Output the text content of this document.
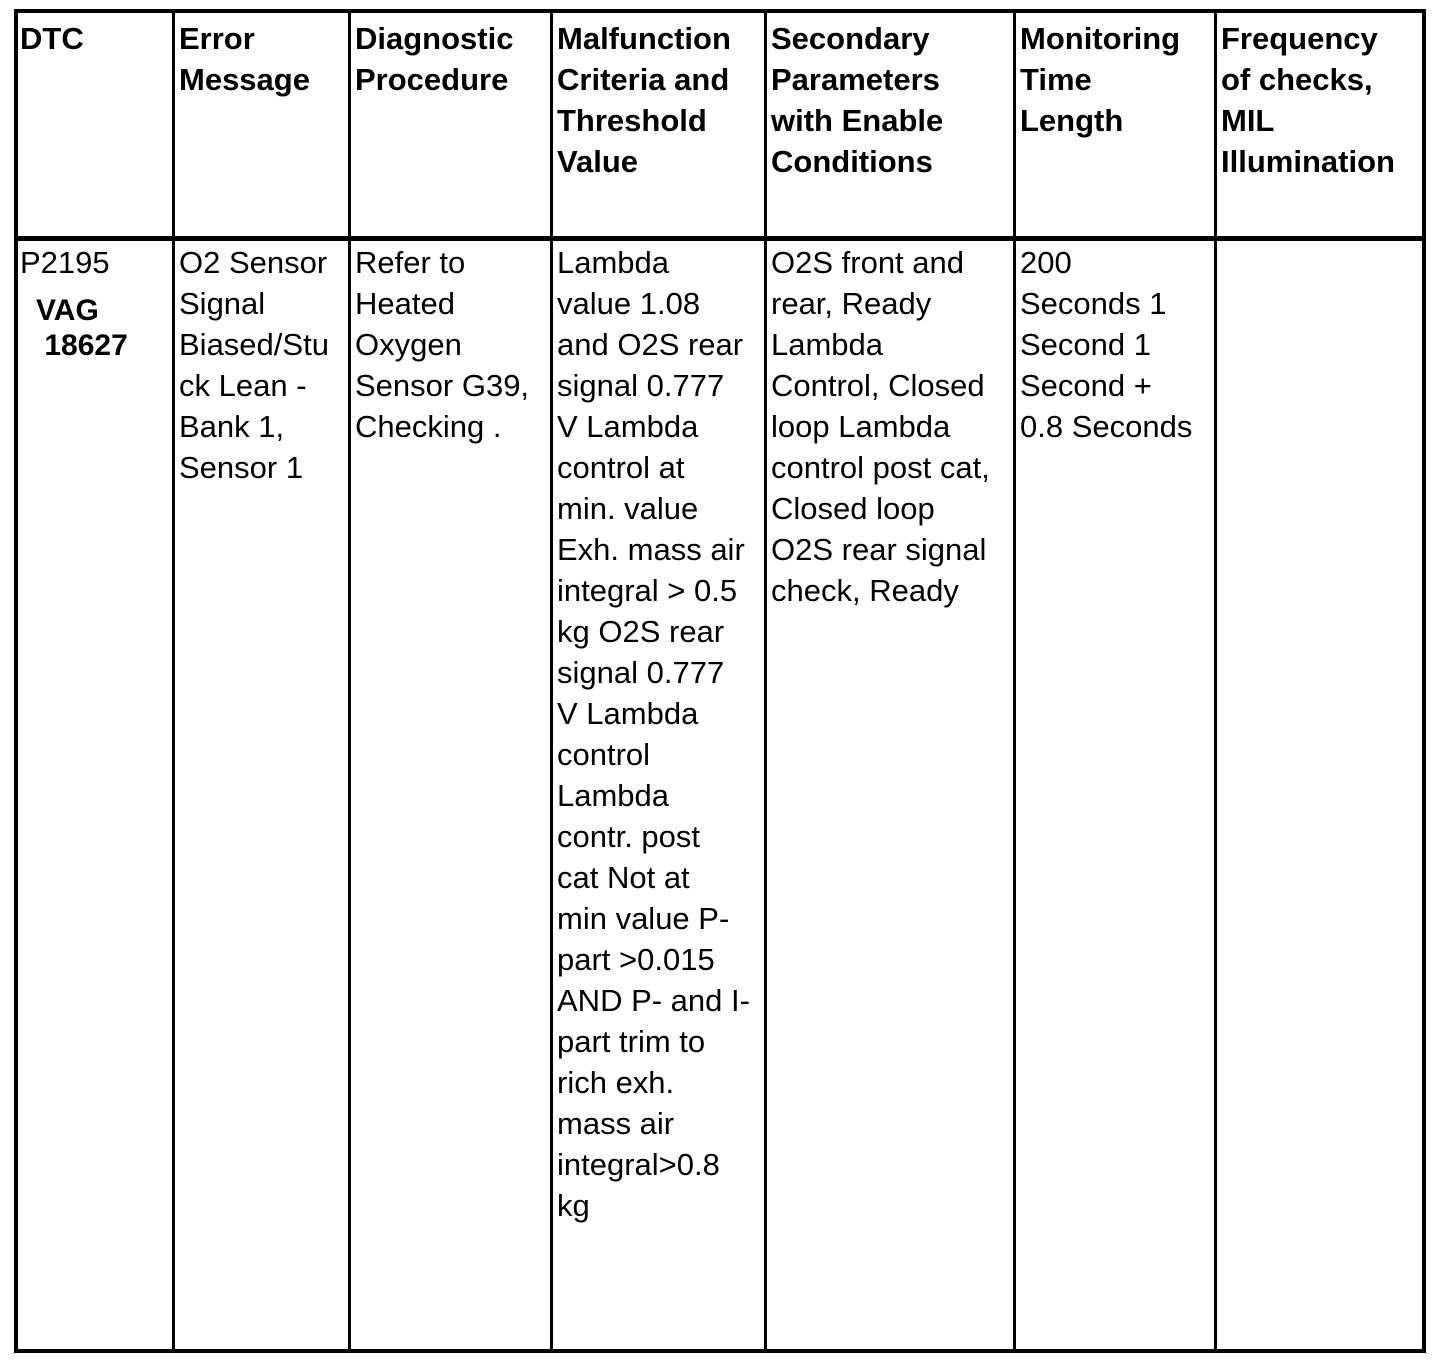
DTC	Error
Message
Diagnostic
Procedure
Malfunction
Criteria and
Threshold
Value
Secondary
Parameters
with Enable
Conditions
Monitoring
Time
Length
Frequency
of checks,
MIL
Illumination
P2195
VAG
18627
O2 Sensor
Signal
Biased/Stu
ck Lean -
Bank 1,
Sensor 1
Refer to
Heated
Oxygen
Sensor G39,
Checking .
Lambda
value 1.08
and O2S rear
signal 0.777
V Lambda
control at
min. value
Exh. mass air
integral > 0.5
kg O2S rear
signal 0.777
V Lambda
control
Lambda
contr. post
cat Not at
min value P-
part >0.015
AND P- and I-
part trim to
rich exh.
mass air
integral>0.8
kg
O2S front and
rear, Ready
Lambda
Control, Closed
loop Lambda
control post cat,
Closed loop
O2S rear signal
check, Ready
200
Seconds 1
Second 1
Second +
0.8 Seconds
